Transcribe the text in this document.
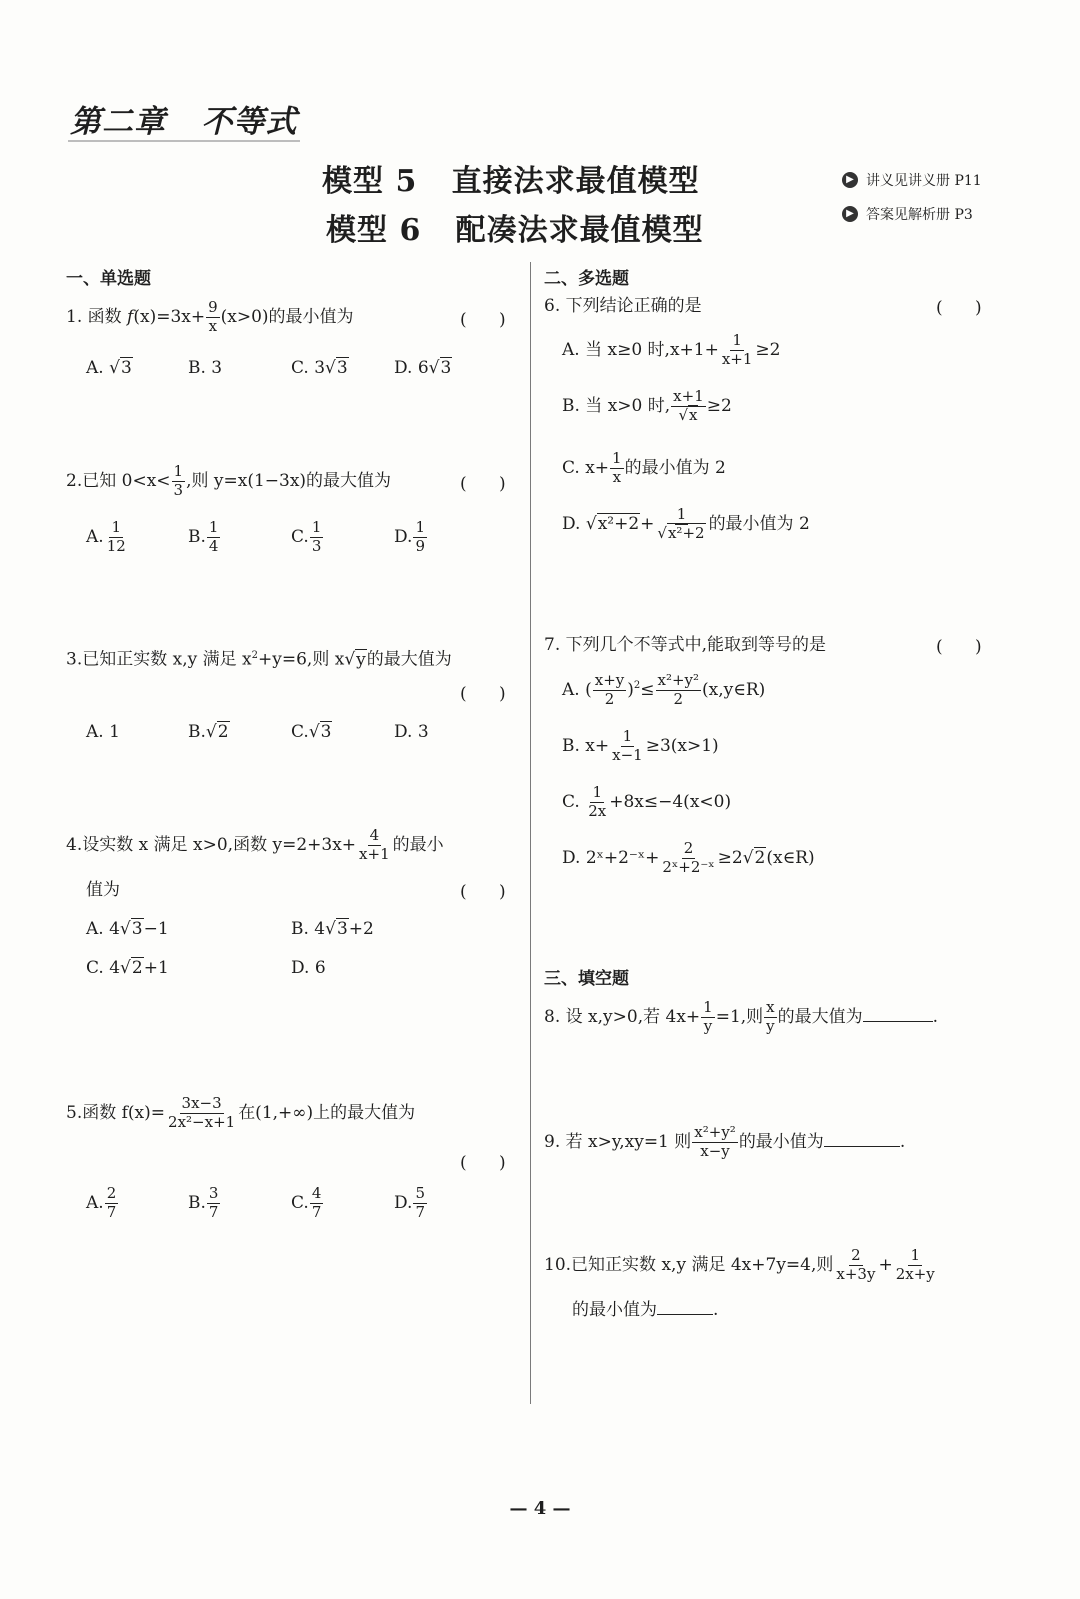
第二章   不等式
模型 5   直接法求最值模型
模型 6   配凑法求最值模型
▶ 讲义见讲义册 P11
▶ 答案见解析册 P3
一、单选题	二、多选题
三、填空题
1. 函数 $f(x)=3x+ \frac{9}{x} (x>0)$的最小值为	(      )
A. √3	B. 3	C. 3√3	D. 6√3
2.已知 $0<x< \frac{1}{3}$ ,则 y=x(1−3x)的最大值为	(      )
A. $\frac{1}{12}$	B. $\frac{1}{4}$	C. $\frac{1}{3}$	D. $\frac{1}{9}$
3.已知正实数 x,y 满足 $x^2+y=6$,则 x√y的最大值为
(      )
A. 1	B.√2	C.√3	D. 3
4.设实数 x 满足 x>0,函数 $y=2+3x+ \frac{4}{x+1}$ 的最小
值为	(      )
A. 4√3−1	B. 4√3+2
C. 4√2+1	D. 6
5.函数 $f(x)= \frac{3x-3}{\text{2x²−x+1}}$ 在(1,+∞)上的最大值为
(      )
A. $\frac{2}{7}$	B. $\frac{3}{7}$	C. $\frac{4}{7}$	D. $\frac{5}{7}$
6. 下列结论正确的是	(      )
A. 当 x≥0 时$,x+1+ \frac{1}{x+1} \ge 2$
B. 当 x>0 时, $\frac{x+1}{√x} \ge 2$
C. $x+ \frac{1}{x}$ 的最小值为 2
D. $√x^2+2+ \frac{1}{\text{√x²+2}}$ 的最小值为 2
7. 下列几个不等式中,能取到等号的是	(      )
A. ( $\frac{x+y}{2} )^2\le \frac{\text{x²+y²}}{2}$ (x,y∈R)
B. $x+ \frac{1}{x-1} \ge 3(x>1)$
C. $\frac{1}{2x} +8x\le-4(x<0)$
D. 2ˣ+2⁻ˣ+ $\frac{2}{\text{2ˣ+2⁻ˣ}}$ ≥2√2(x∈R)
8. 设 x,y>0,若 $4x+ \frac{1}{y} =1$,则 $\frac{x}{y}$ 的最大值为	.
9. 若 x>y,xy=1 则 $\frac{\text{x²+y²}}{x-y}$ 的最小值为	.
10.已知正实数 x,y 满足 4x+7y=4,则 $\frac{2}{x+3y} + \frac{1}{2x+y}$
的最小值为	.
— 4 —
